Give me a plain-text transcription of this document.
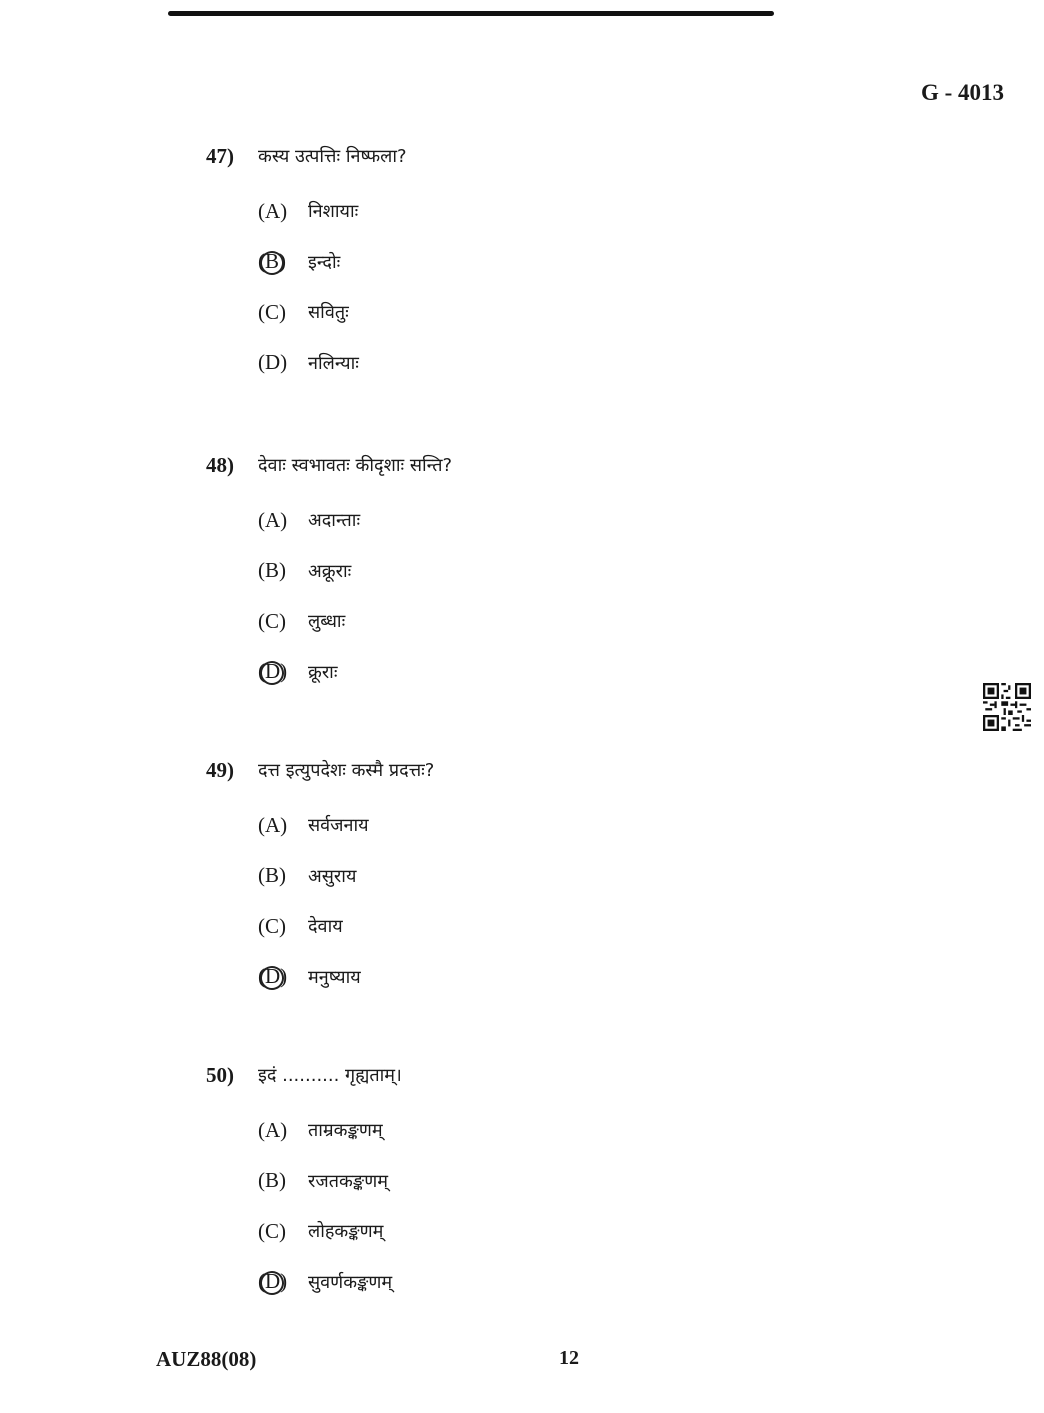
G - 4013
47)	कस्य उत्पत्तिः निष्फला?
(A)	निशायाः
(B)	इन्दोः
(C)	सवितुः
(D)	नलिन्याः
48)	देवाः स्वभावतः कीदृशाः सन्ति?
(A)	अदान्ताः
(B)	अक्रूराः
(C)	लुब्धाः
(D)	क्रूराः
49)	दत्त इत्युपदेशः कस्मै प्रदत्तः?
(A)	सर्वजनाय
(B)	असुराय
(C)	देवाय
(D)	मनुष्याय
50)	इदं .......... गृह्यताम्।
(A)	ताम्रकङ्कणम्
(B)	रजतकङ्कणम्
(C)	लोहकङ्कणम्
(D)	सुवर्णकङ्कणम्
AUZ88(08)	12
